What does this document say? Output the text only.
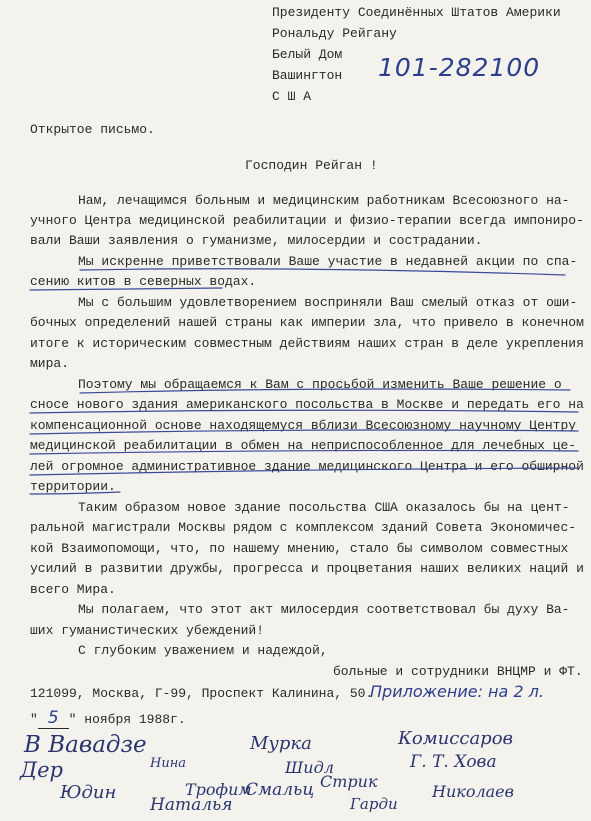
Президенту Соединённых Штатов Америки
Рональду Рейгану
Белый Дом
Вашингтон
С Ш А
101-282100
Открытое письмо.
Господин Рейган !
Нам, лечащимся больным и медицинским работникам Всесоюзного на-
учного Центра медицинской реабилитации и физио-терапии всегда импониро-
вали Ваши заявления о гуманизме, милосердии и сострадании.
Мы искренне приветствовали Ваше участие в недавней акции по спа-
сению китов в северных водах.
Мы с большим удовлетворением восприняли Ваш смелый отказ от оши-
бочных определений нашей страны как империи зла, что привело в конечном
итоге к историческим совместным действиям наших стран в деле укрепления
мира.
Поэтому мы обращаемся к Вам с просьбой изменить Ваше решение о
сносе нового здания американского посольства в Москве и передать его на
компенсационной основе находящемуся вблизи Всесоюзному научному Центру
медицинской реабилитации в обмен на неприспособленное для лечебных це-
лей огромное административное здание медицинского Центра и его обширной
территории.
Таким образом новое здание посольства США оказалось бы на цент-
ральной магистрали Москвы рядом с комплексом зданий Совета Экономичес-
кой Взаимопомощи, что, по нашему мнению, стало бы символом совместных
усилий в развитии дружбы, прогресса и процветания наших великих наций и
всего Мира.
Мы полагаем, что этот акт милосердия соответствовал бы духу Ва-
ших гуманистических убеждений!
С глубоким уважением и надеждой,
больные и сотрудники ВНЦМР и ФТ.
121099, Москва, Г-99, Проспект Калинина, 50.
Приложение: на 2 л.
" 5 " ноября 1988г.
В Вавадзе	Мурка	Комиссаров
Нина
Дер	Шидл	Г. Т. Хова
Юдин	Трофим	Стрик
Смальц	Николаев
Наталья	Гарди
